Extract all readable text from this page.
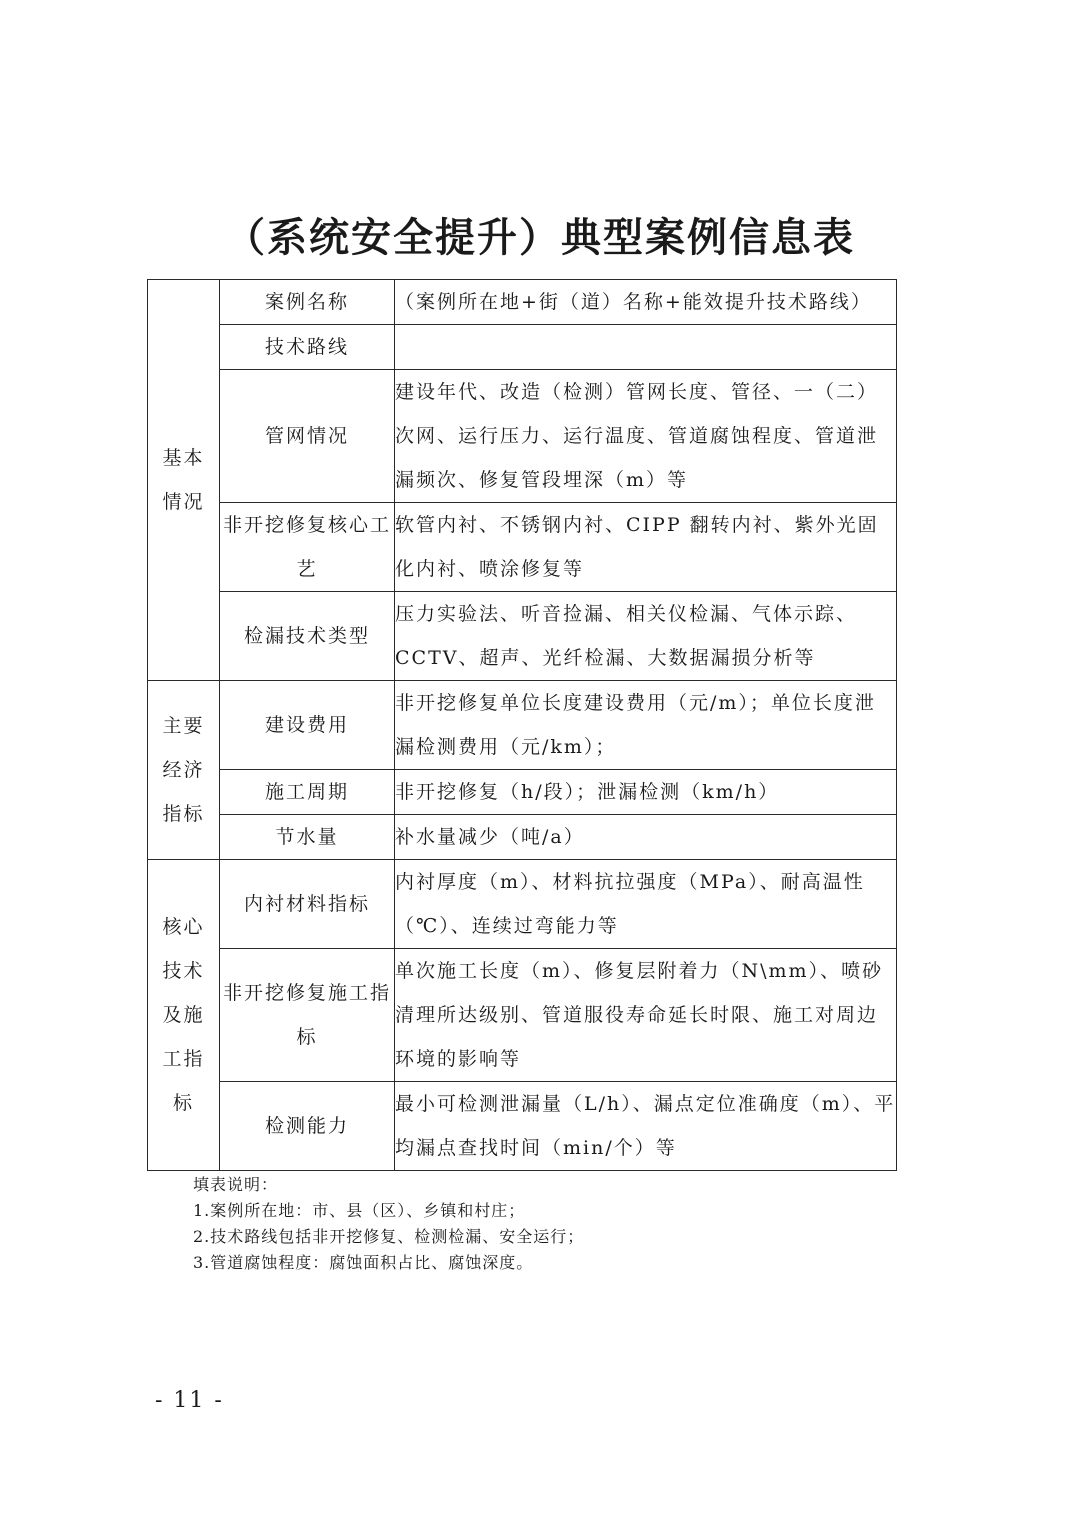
（系统安全提升）典型案例信息表
基本情况	案例名称	（案例所在地+街（道）名称+能效提升技术路线）
	技术路线	
	管网情况	建设年代、改造（检测）管网长度、管径、一（二）次网、运行压力、运行温度、管道腐蚀程度、管道泄漏频次、修复管段埋深（m）等
	非开挖修复核心工艺	软管内衬、不锈钢内衬、CIPP 翻转内衬、紫外光固化内衬、喷涂修复等
	检漏技术类型	压力实验法、听音捡漏、相关仪检漏、气体示踪、CCTV、超声、光纤检漏、大数据漏损分析等

主要经济指标	建设费用	非开挖修复单位长度建设费用（元/m）；单位长度泄漏检测费用（元/km）；
	施工周期	非开挖修复（h/段）；泄漏检测（km/h）
	节水量	补水量减少（吨/a）

核心技术及施工指标	内衬材料指标	内衬厚度（m）、材料抗拉强度（MPa）、耐高温性（℃）、连续过弯能力等
	非开挖修复施工指标	单次施工长度（m）、修复层附着力（N\mm）、喷砂清理所达级别、管道服役寿命延长时限、施工对周边环境的影响等
	检测能力	最小可检测泄漏量（L/h）、漏点定位准确度（m）、平均漏点查找时间（min/个）等
填表说明：
1.案例所在地：市、县（区）、乡镇和村庄；
2.技术路线包括非开挖修复、检测检漏、安全运行；
3.管道腐蚀程度：腐蚀面积占比、腐蚀深度。
- 11 -
